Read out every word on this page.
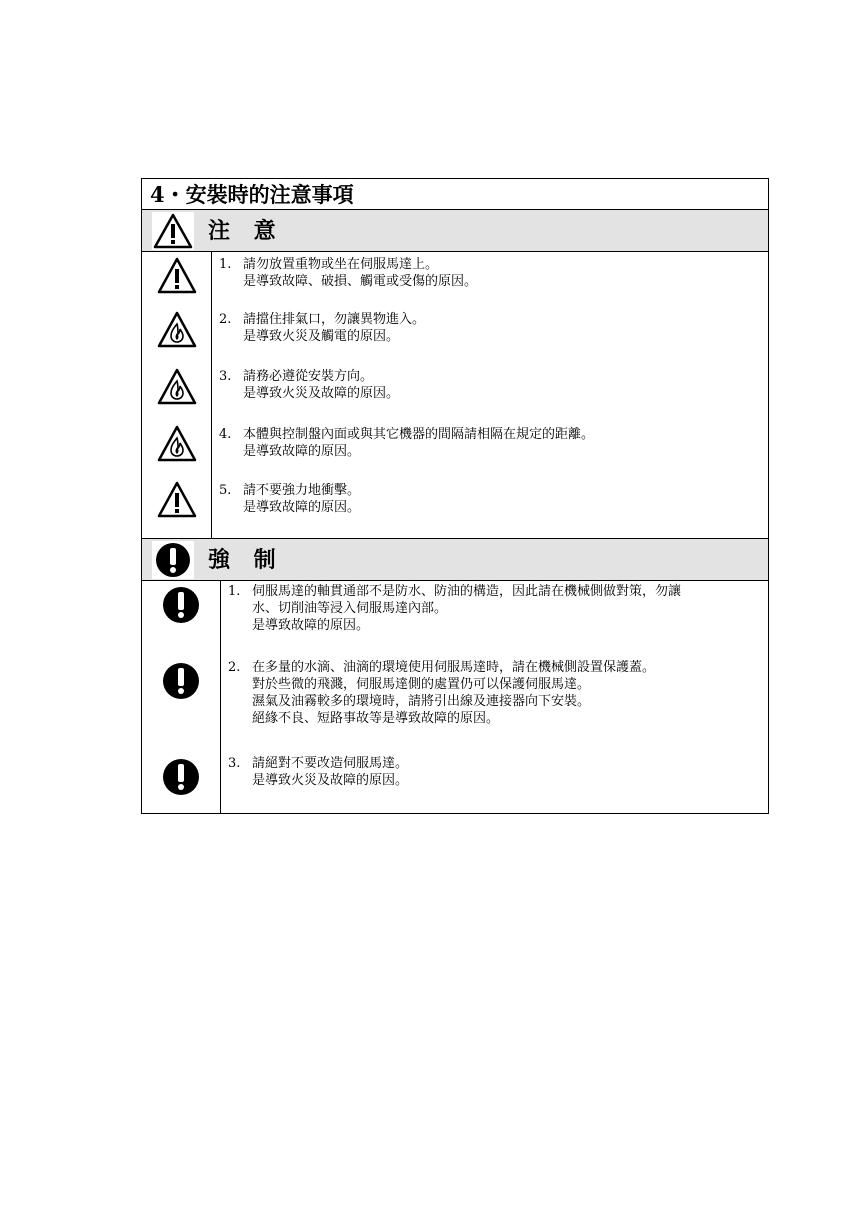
4・安裝時的注意事項
注 意
1. 請勿放置重物或坐在伺服馬達上。
是導致故障、破損、觸電或受傷的原因。
2. 請擋住排氣口，勿讓異物進入。
是導致火災及觸電的原因。
3. 請務必遵從安裝方向。
是導致火災及故障的原因。
4. 本體與控制盤內面或與其它機器的間隔請相隔在規定的距離。
是導致故障的原因。
5. 請不要強力地衝擊。
是導致故障的原因。
強 制
1. 伺服馬達的軸貫通部不是防水、防油的構造，因此請在機械側做對策，勿讓
水、切削油等浸入伺服馬達內部。
是導致故障的原因。
2. 在多量的水滴、油滴的環境使用伺服馬達時，請在機械側設置保護蓋。
對於些微的飛濺，伺服馬達側的處置仍可以保護伺服馬達。
濕氣及油霧較多的環境時，請將引出線及連接器向下安裝。
絕緣不良、短路事故等是導致故障的原因。
3. 請絕對不要改造伺服馬達。
是導致火災及故障的原因。
